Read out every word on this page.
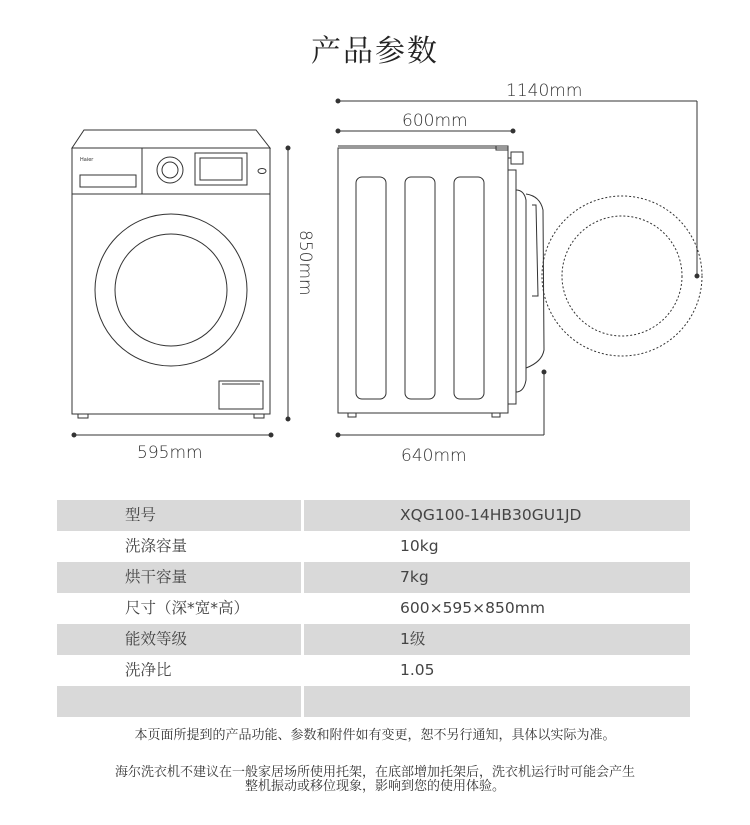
产品参数
Haier
1140mm
600mm
850mm
595mm	640mm
型号	XQG100-14HB30GU1JD
洗涤容量	10kg
烘干容量	7kg
尺寸（深*宽*高）	600×595×850mm
能效等级	1级
洗净比	1.05
本页面所提到的产品功能、参数和附件如有变更，恕不另行通知，具体以实际为准。
海尔洗衣机不建议在一般家居场所使用托架，在底部增加托架后，洗衣机运行时可能会产生
整机振动或移位现象，影响到您的使用体验。
